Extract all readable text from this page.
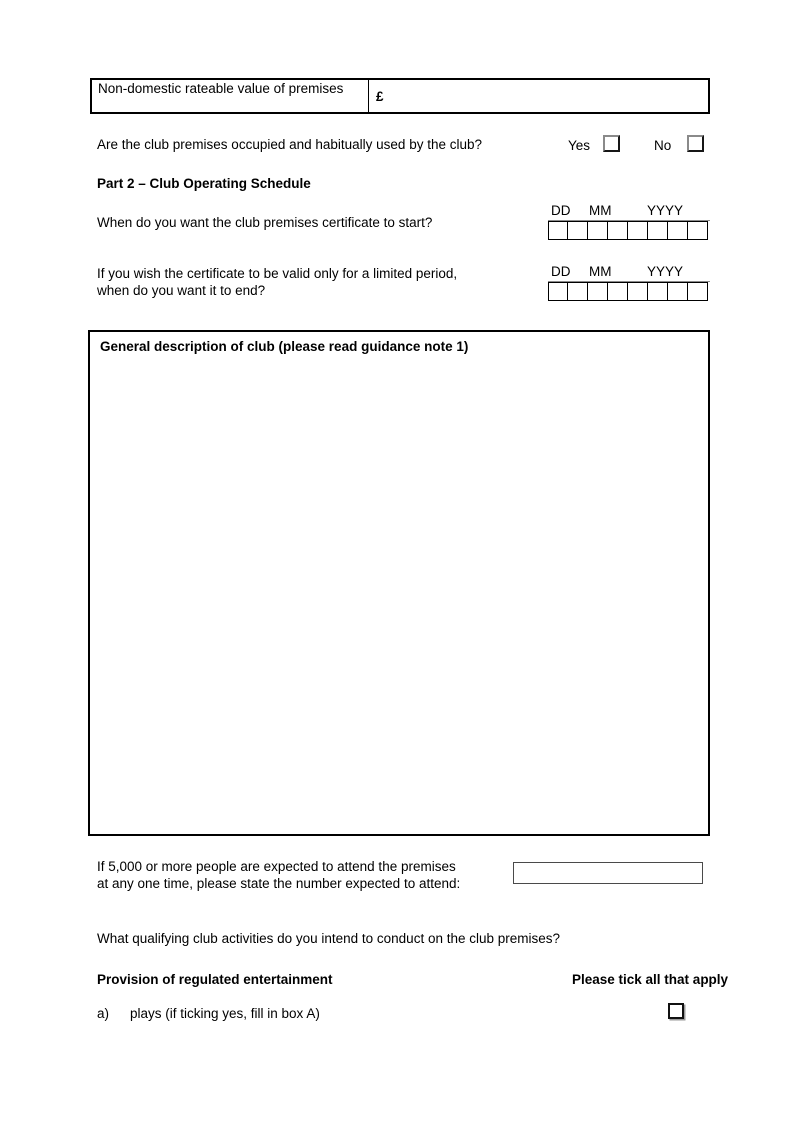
Non-domestic rateable value of premises	£
Are the club premises occupied and habitually used by the club?	Yes	No
Part 2 – Club Operating Schedule
When do you want the club premises certificate to start?
DD MM	YYYY
If you wish the certificate to be valid only for a limited period,
when do you want it to end?
DD MM	YYYY
General description of club (please read guidance note 1)
If 5,000 or more people are expected to attend the premises
at any one time, please state the number expected to attend:
What qualifying club activities do you intend to conduct on the club premises?
Provision of regulated entertainment	Please tick all that apply
a) plays (if ticking yes, fill in box A)
